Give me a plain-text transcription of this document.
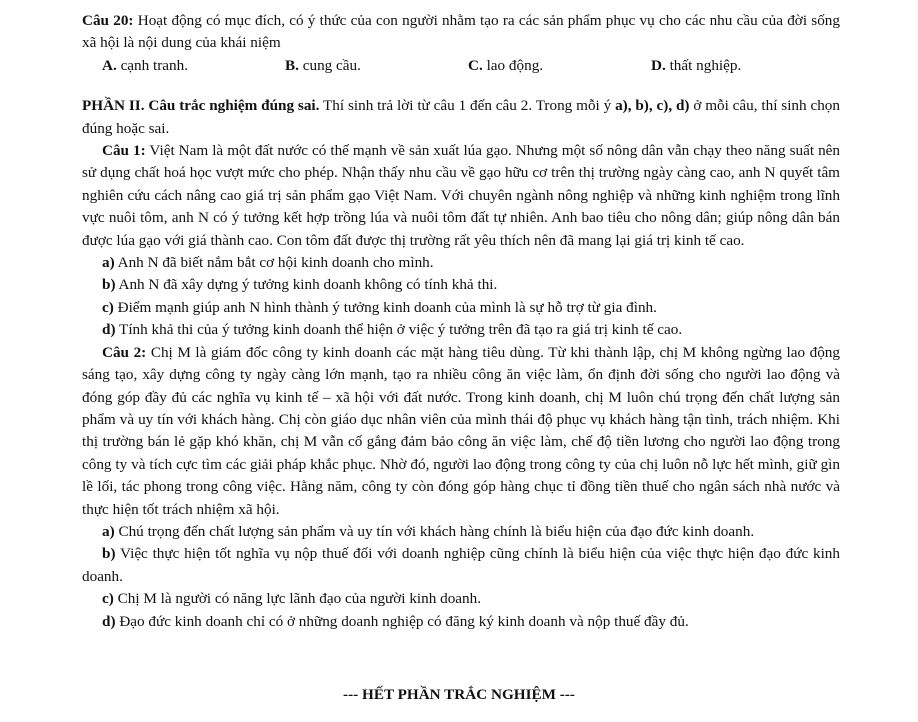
Câu 20: Hoạt động có mục đích, có ý thức của con người nhằm tạo ra các sản phẩm phục vụ cho các nhu cầu của đời sống xã hội là nội dung của khái niệm

A. cạnh tranh.	B. cung cầu.	C. lao động.	D. thất nghiệp.

PHẦN II. Câu trắc nghiệm đúng sai. Thí sinh trả lời từ câu 1 đến câu 2. Trong mỗi ý a), b), c), d) ở mỗi câu, thí sinh chọn đúng hoặc sai.

Câu 1: Việt Nam là một đất nước có thế mạnh về sản xuất lúa gạo. Nhưng một số nông dân vẫn chạy theo năng suất nên sử dụng chất hoá học vượt mức cho phép. Nhận thấy nhu cầu về gạo hữu cơ trên thị trường ngày càng cao, anh N quyết tâm nghiên cứu cách nâng cao giá trị sản phẩm gạo Việt Nam. Với chuyên ngành nông nghiệp và những kinh nghiệm trong lĩnh vực nuôi tôm, anh N có ý tưởng kết hợp trồng lúa và nuôi tôm đất tự nhiên. Anh bao tiêu cho nông dân; giúp nông dân bán được lúa gạo với giá thành cao. Con tôm đất được thị trường rất yêu thích nên đã mang lại giá trị kinh tế cao.

a) Anh N đã biết nắm bắt cơ hội kinh doanh cho mình.

b) Anh N đã xây dựng ý tưởng kinh doanh không có tính khả thi.

c) Điểm mạnh giúp anh N hình thành ý tưởng kinh doanh của mình là sự hỗ trợ từ gia đình.

d) Tính khả thi của ý tưởng kinh doanh thể hiện ở việc ý tưởng trên đã tạo ra giá trị kinh tế cao.

Câu 2: Chị M là giám đốc công ty kinh doanh các mặt hàng tiêu dùng. Từ khi thành lập, chị M không ngừng lao động sáng tạo, xây dựng công ty ngày càng lớn mạnh, tạo ra nhiều công ăn việc làm, ổn định đời sống cho người lao động và đóng góp đầy đủ các nghĩa vụ kinh tế – xã hội với đất nước. Trong kinh doanh, chị M luôn chú trọng đến chất lượng sản phẩm và uy tín với khách hàng. Chị còn giáo dục nhân viên của mình thái độ phục vụ khách hàng tận tình, trách nhiệm. Khi thị trường bán lẻ gặp khó khăn, chị M vẫn cố gắng đảm bảo công ăn việc làm, chế độ tiền lương cho người lao động trong công ty và tích cực tìm các giải pháp khắc phục. Nhờ đó, người lao động trong công ty của chị luôn nỗ lực hết mình, giữ gìn lề lối, tác phong trong công việc. Hằng năm, công ty còn đóng góp hàng chục tỉ đồng tiền thuế cho ngân sách nhà nước và thực hiện tốt trách nhiệm xã hội.

a) Chú trọng đến chất lượng sản phẩm và uy tín với khách hàng chính là biểu hiện của đạo đức kinh doanh.

b) Việc thực hiện tốt nghĩa vụ nộp thuế đối với doanh nghiệp cũng chính là biểu hiện của việc thực hiện đạo đức kinh doanh.

c) Chị M là người có năng lực lãnh đạo của người kinh doanh.

d) Đạo đức kinh doanh chỉ có ở những doanh nghiệp có đăng ký kinh doanh và nộp thuế đầy đủ.

--- HẾT PHẦN TRẮC NGHIỆM ---
